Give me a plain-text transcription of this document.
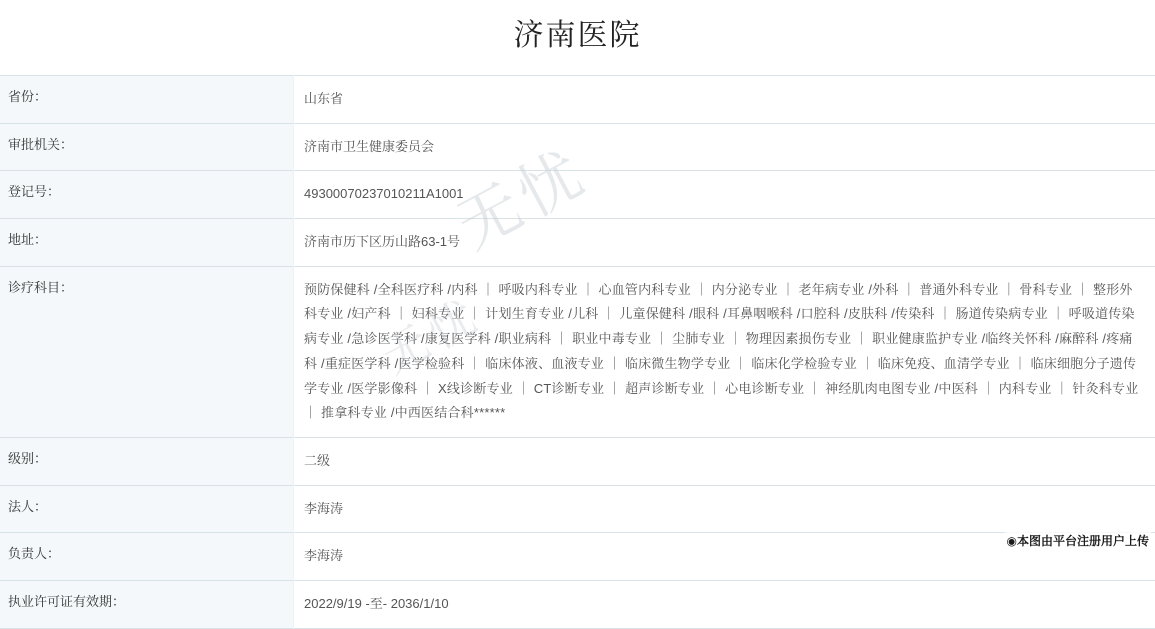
济南医院
省份：	山东省
审批机关：	济南市卫生健康委员会
登记号：	49300070237010211A1001
地址：	济南市历下区历山路63-1号
诊疗科目：	预防保健科 /全科医疗科 /内科 ｜ 呼吸内科专业 ｜ 心血管内科专业 ｜ 内分泌专业 ｜ 老年病专业 /外科 ｜ 普通外科专业 ｜ 骨科专业 ｜ 整形外科专业 /妇产科 ｜ 妇科专业 ｜ 计划生育专业 /儿科 ｜ 儿童保健科 /眼科 /耳鼻咽喉科 /口腔科 /皮肤科 /传染科 ｜ 肠道传染病专业 ｜ 呼吸道传染病专业 /急诊医学科 /康复医学科 /职业病科 ｜ 职业中毒专业 ｜ 尘肺专业 ｜ 物理因素损伤专业 ｜ 职业健康监护专业 /临终关怀科 /麻醉科 /疼痛科 /重症医学科 /医学检验科 ｜ 临床体液、血液专业 ｜ 临床微生物学专业 ｜ 临床化学检验专业 ｜ 临床免疫、血清学专业 ｜ 临床细胞分子遗传学专业 /医学影像科 ｜ X线诊断专业 ｜ CT诊断专业 ｜ 超声诊断专业 ｜ 心电诊断专业 ｜ 神经肌肉电图专业 /中医科 ｜ 内科专业 ｜ 针灸科专业 ｜ 推拿科专业 /中西医结合科******
级别：	二级
法人：	李海涛
负责人：	李海涛
执业许可证有效期：	2022/9/19 -至- 2036/1/10
无忧
无忧
◉本图由平台注册用户上传
